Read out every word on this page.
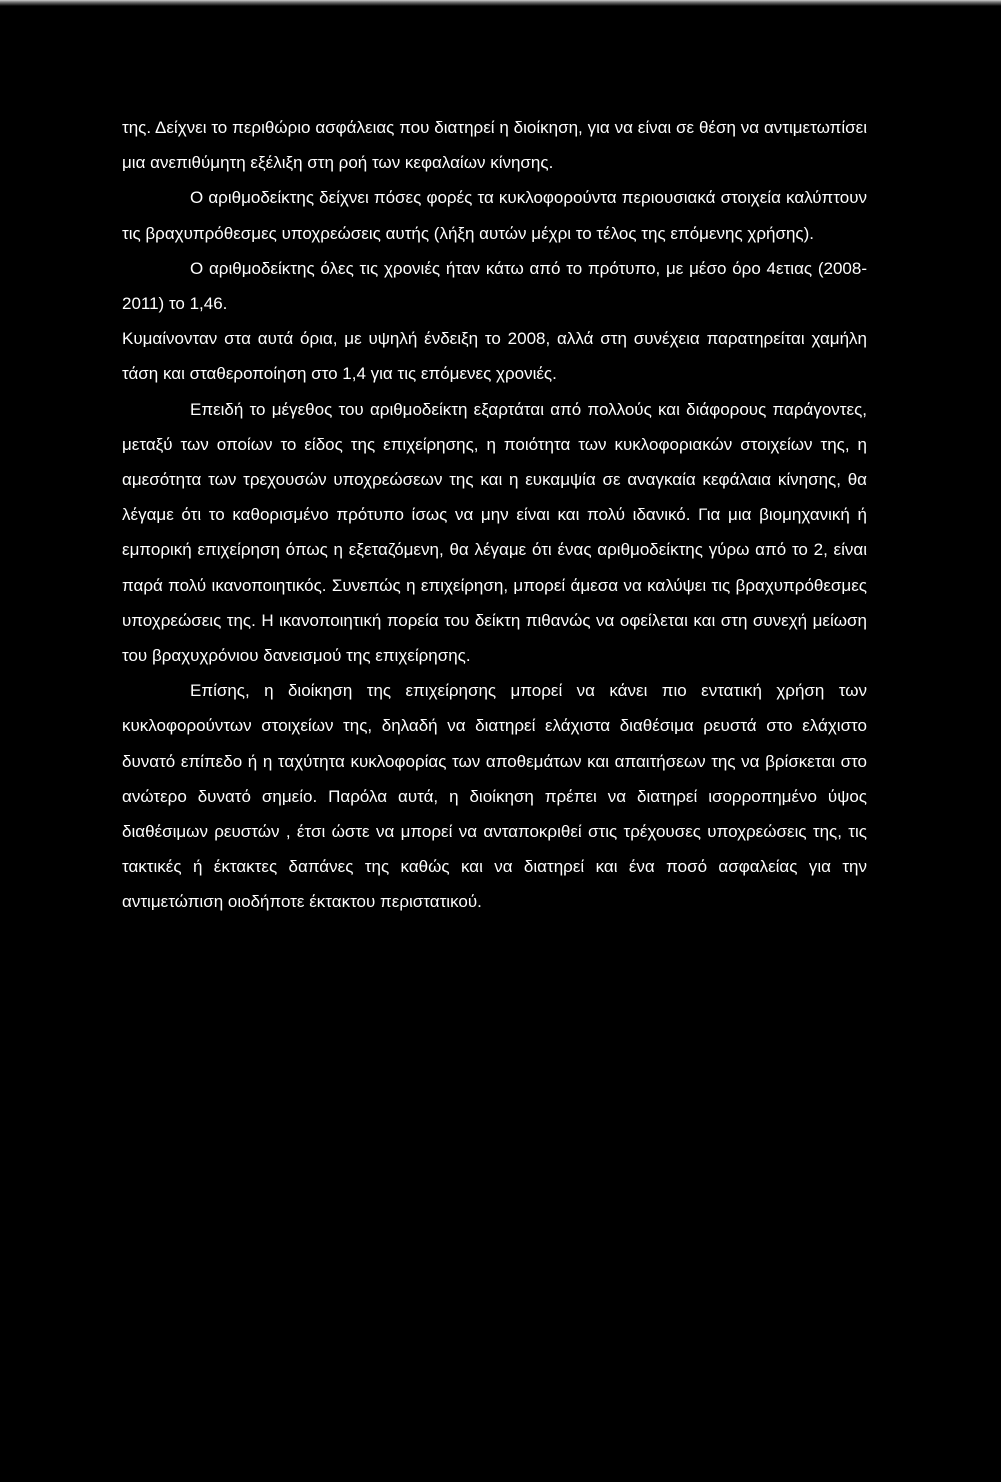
της. Δείχνει το περιθώριο ασφάλειας που διατηρεί η διοίκηση, για να είναι σε θέση να αντιμετωπίσει μια ανεπιθύμητη εξέλιξη στη ροή των κεφαλαίων κίνησης.

Ο αριθμοδείκτης δείχνει πόσες φορές τα κυκλοφορούντα περιουσιακά στοιχεία καλύπτουν τις βραχυπρόθεσμες υποχρεώσεις αυτής (λήξη αυτών μέχρι το τέλος της επόμενης χρήσης).

Ο αριθμοδείκτης όλες τις χρονιές ήταν κάτω από το πρότυπο, με μέσο όρο 4ετιας (2008-2011) το 1,46.

Κυμαίνονταν στα αυτά όρια, με υψηλή ένδειξη το 2008, αλλά στη συνέχεια παρατηρείται χαμήλη τάση και σταθεροποίηση στο 1,4 για τις επόμενες χρονιές.

Επειδή το μέγεθος του αριθμοδείκτη εξαρτάται από πολλούς και διάφορους παράγοντες, μεταξύ των οποίων το είδος της επιχείρησης, η ποιότητα των κυκλοφοριακών στοιχείων της, η αμεσότητα των τρεχουσών υποχρεώσεων της και η ευκαμψία σε αναγκαία κεφάλαια κίνησης, θα λέγαμε ότι το καθορισμένο πρότυπο ίσως να μην είναι και πολύ ιδανικό. Για μια βιομηχανική ή εμπορική επιχείρηση όπως η εξεταζόμενη, θα λέγαμε ότι ένας αριθμοδείκτης γύρω από το 2, είναι παρά πολύ ικανοποιητικός. Συνεπώς η επιχείρηση, μπορεί άμεσα να καλύψει τις βραχυπρόθεσμες υποχρεώσεις της. Η ικανοποιητική πορεία του δείκτη πιθανώς να οφείλεται και στη συνεχή μείωση του βραχυχρόνιου δανεισμού της επιχείρησης.

Επίσης, η διοίκηση της επιχείρησης μπορεί να κάνει πιο εντατική χρήση των κυκλοφορούντων στοιχείων της, δηλαδή να διατηρεί ελάχιστα διαθέσιμα ρευστά στο ελάχιστο δυνατό επίπεδο ή η ταχύτητα κυκλοφορίας των αποθεμάτων και απαιτήσεων της να βρίσκεται στο ανώτερο δυνατό σημείο. Παρόλα αυτά, η διοίκηση πρέπει να διατηρεί ισορροπημένο ύψος διαθέσιμων ρευστών , έτσι ώστε να μπορεί να ανταποκριθεί στις τρέχουσες υποχρεώσεις της, τις τακτικές ή έκτακτες δαπάνες της καθώς και να διατηρεί και ένα ποσό ασφαλείας για την αντιμετώπιση οιοδήποτε έκτακτου περιστατικού.
